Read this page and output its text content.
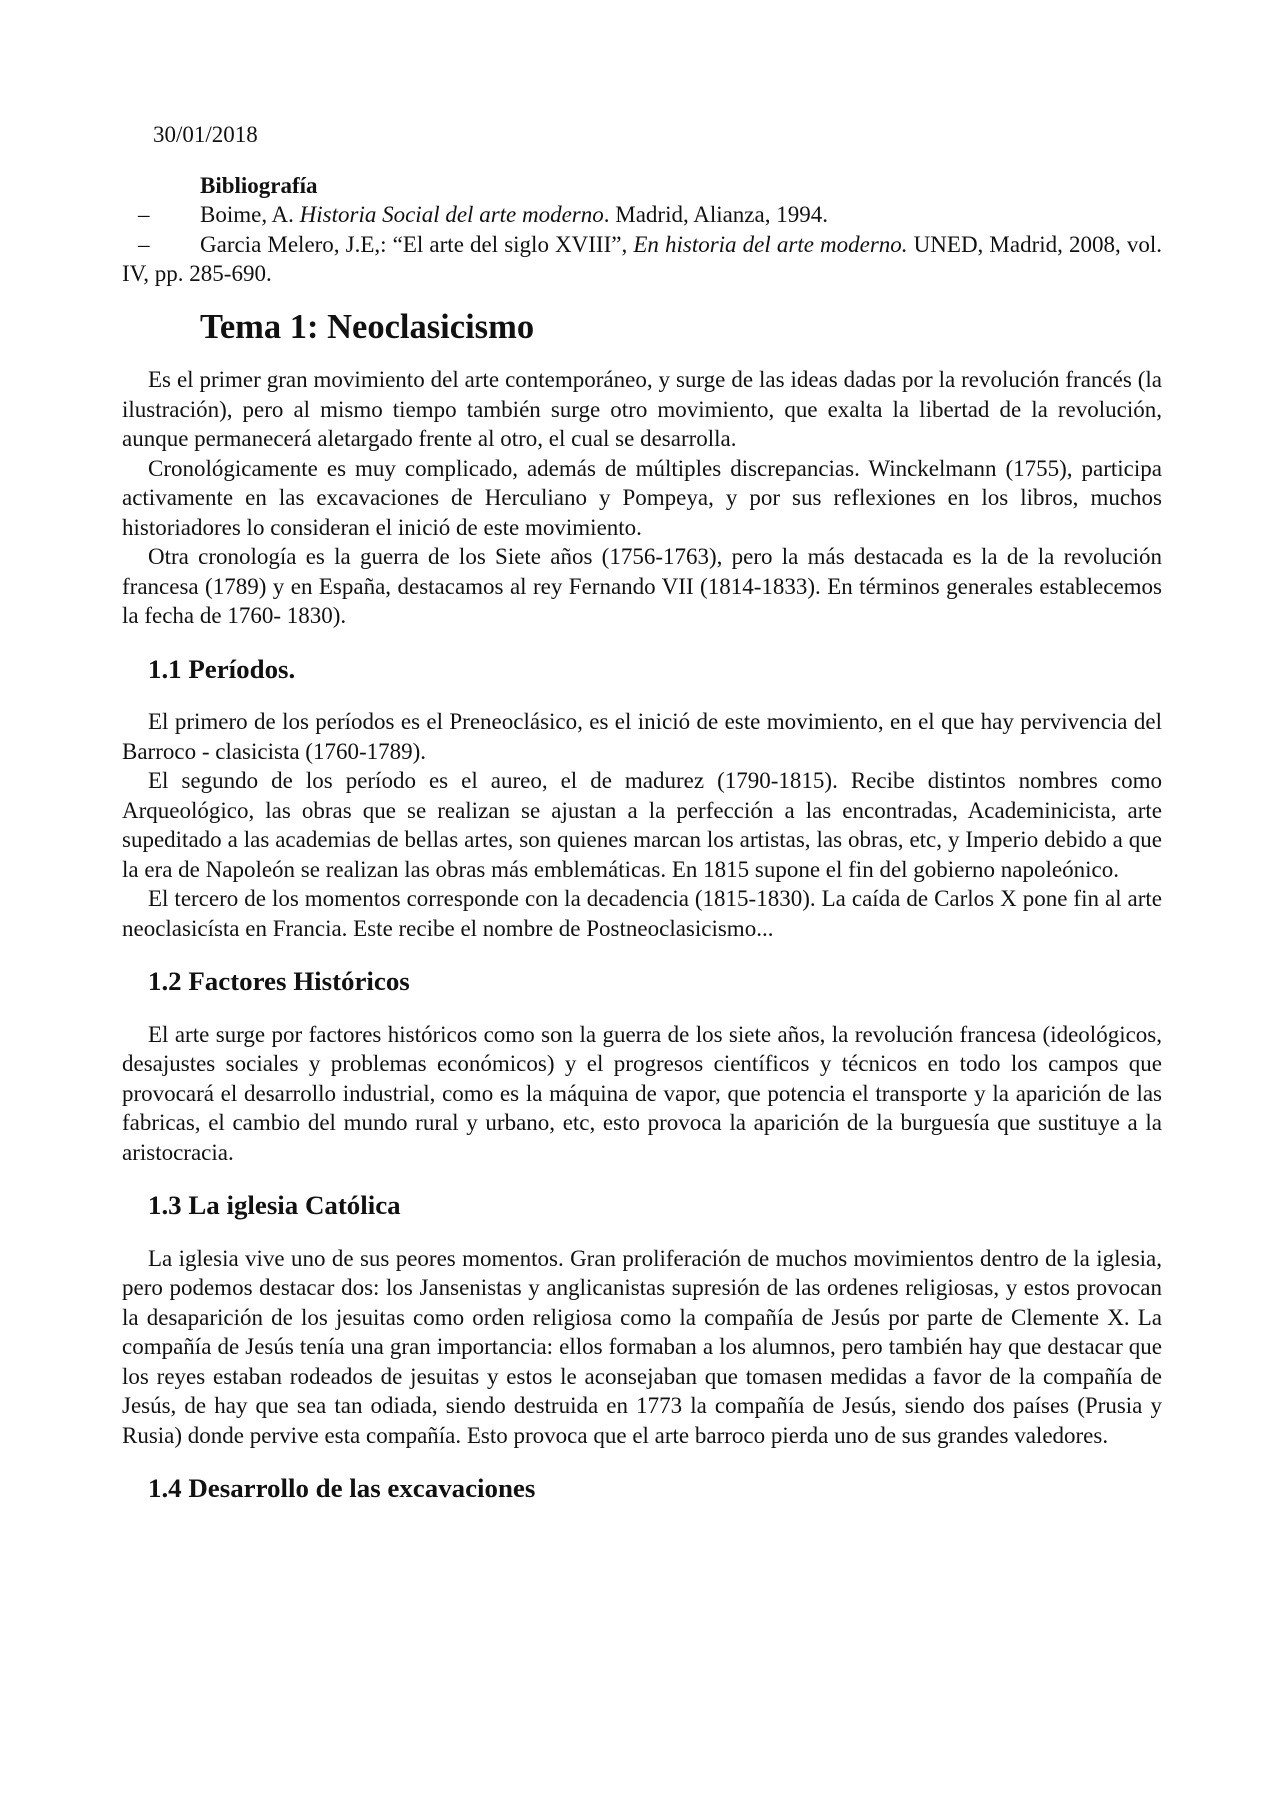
30/01/2018

Bibliografía

– Boime, A. Historia Social del arte moderno. Madrid, Alianza, 1994.
– Garcia Melero, J.E,: “El arte del siglo XVIII”, En historia del arte moderno. UNED, Madrid, 2008, vol. IV, pp. 285-690.
Tema 1: Neoclasicismo

Es el primer gran movimiento del arte contemporáneo, y surge de las ideas dadas por la revolución francés (la ilustración), pero al mismo tiempo también surge otro movimiento, que exalta la libertad de la revolución, aunque permanecerá aletargado frente al otro, el cual se desarrolla.

Cronológicamente es muy complicado, además de múltiples discrepancias. Winckelmann (1755), participa activamente en las excavaciones de Herculiano y Pompeya, y por sus reflexiones en los libros, muchos historiadores lo consideran el inició de este movimiento.

Otra cronología es la guerra de los Siete años (1756-1763), pero la más destacada es la de la revolución francesa (1789) y en España, destacamos al rey Fernando VII (1814-1833). En términos generales establecemos la fecha de 1760- 1830).

1.1 Períodos.

El primero de los períodos es el Preneoclásico, es el inició de este movimiento, en el que hay pervivencia del Barroco - clasicista (1760-1789).

El segundo de los período es el aureo, el de madurez (1790-1815). Recibe distintos nombres como Arqueológico, las obras que se realizan se ajustan a la perfección a las encontradas, Academinicista, arte supeditado a las academias de bellas artes, son quienes marcan los artistas, las obras, etc, y Imperio debido a que la era de Napoleón se realizan las obras más emblemáticas. En 1815 supone el fin del gobierno napoleónico.

El tercero de los momentos corresponde con la decadencia (1815-1830). La caída de Carlos X pone fin al arte neoclasicísta en Francia. Este recibe el nombre de Postneoclasicismo...

1.2 Factores Históricos

El arte surge por factores históricos como son la guerra de los siete años, la revolución francesa (ideológicos, desajustes sociales y problemas económicos) y el progresos científicos y técnicos en todo los campos que provocará el desarrollo industrial, como es la máquina de vapor, que potencia el transporte y la aparición de las fabricas, el cambio del mundo rural y urbano, etc, esto provoca la aparición de la burguesía que sustituye a la aristocracia.

1.3 La iglesia Católica

La iglesia vive uno de sus peores momentos. Gran proliferación de muchos movimientos dentro de la iglesia, pero podemos destacar dos: los Jansenistas y anglicanistas supresión de las ordenes religiosas, y estos provocan la desaparición de los jesuitas como orden religiosa como la compañía de Jesús por parte de Clemente X. La compañía de Jesús tenía una gran importancia: ellos formaban a los alumnos, pero también hay que destacar que los reyes estaban rodeados de jesuitas y estos le aconsejaban que tomasen medidas a favor de la compañía de Jesús, de hay que sea tan odiada, siendo destruida en 1773 la compañía de Jesús, siendo dos países (Prusia y Rusia) donde pervive esta compañía. Esto provoca que el arte barroco pierda uno de sus grandes valedores.

1.4 Desarrollo de las excavaciones
